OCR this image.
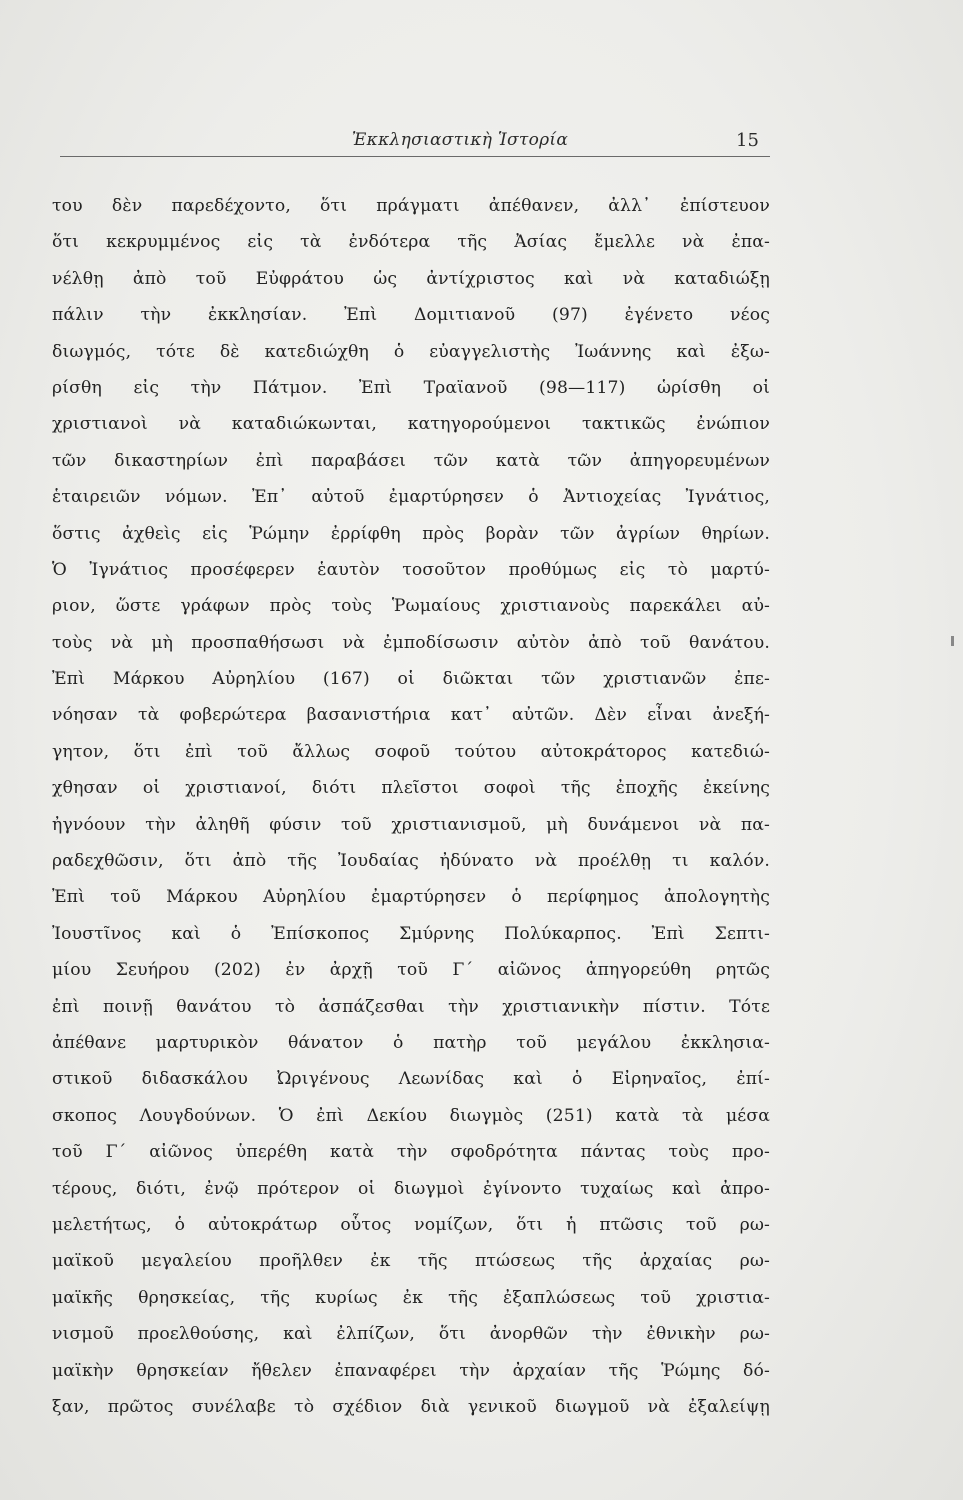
Ἐκκλησιαστικὴ Ἱστορία	15
του δὲν παρεδέχοντο, ὅτι πράγματι ἀπέθανεν, ἀλλ᾽ ἐπίστευον
ὅτι κεκρυμμένος εἰς τὰ ἐνδότερα τῆς Ἀσίας ἔμελλε νὰ ἐπα-
νέλθῃ ἀπὸ τοῦ Εὐφράτου ὡς ἀντίχριστος καὶ νὰ καταδιώξῃ
πάλιν τὴν ἐκκλησίαν. Ἐπὶ Δομιτιανοῦ (97) ἐγένετο νέος
διωγμός, τότε δὲ κατεδιώχθη ὁ εὐαγγελιστὴς Ἰωάννης καὶ ἐξω-
ρίσθη εἰς τὴν Πάτμον. Ἐπὶ Τραϊανοῦ (98—117) ὡρίσθη οἱ
χριστιανοὶ νὰ καταδιώκωνται, κατηγορούμενοι τακτικῶς ἐνώπιον
τῶν δικαστηρίων ἐπὶ παραβάσει τῶν κατὰ τῶν ἀπηγορευμένων
ἑταιρειῶν νόμων. Ἐπ᾽ αὐτοῦ ἐμαρτύρησεν ὁ Ἀντιοχείας Ἰγνάτιος,
ὅστις ἀχθεὶς εἰς Ῥώμην ἐρρίφθη πρὸς βορὰν τῶν ἀγρίων θηρίων.
Ὁ Ἰγνάτιος προσέφερεν ἑαυτὸν τοσοῦτον προθύμως εἰς τὸ μαρτύ-
ριον, ὥστε γράφων πρὸς τοὺς Ῥωμαίους χριστιανοὺς παρεκάλει αὐ-
τοὺς νὰ μὴ προσπαθήσωσι νὰ ἐμποδίσωσιν αὐτὸν ἀπὸ τοῦ θανάτου.
Ἐπὶ Μάρκου Αὐρηλίου (167) οἱ διῶκται τῶν χριστιανῶν ἐπε-
νόησαν τὰ φοβερώτερα βασανιστήρια κατ᾽ αὐτῶν. Δὲν εἶναι ἀνεξή-
γητον, ὅτι ἐπὶ τοῦ ἄλλως σοφοῦ τούτου αὐτοκράτορος κατεδιώ-
χθησαν οἱ χριστιανοί, διότι πλεῖστοι σοφοὶ τῆς ἐποχῆς ἐκείνης
ἠγνόουν τὴν ἀληθῆ φύσιν τοῦ χριστιανισμοῦ, μὴ δυνάμενοι νὰ πα-
ραδεχθῶσιν, ὅτι ἀπὸ τῆς Ἰουδαίας ἠδύνατο νὰ προέλθῃ τι καλόν.
Ἐπὶ τοῦ Μάρκου Αὐρηλίου ἐμαρτύρησεν ὁ περίφημος ἀπολογητὴς
Ἰουστῖνος καὶ ὁ Ἐπίσκοπος Σμύρνης Πολύκαρπος. Ἐπὶ Σεπτι-
μίου Σευήρου (202) ἐν ἀρχῇ τοῦ Γ´ αἰῶνος ἀπηγορεύθη ρητῶς
ἐπὶ ποινῇ θανάτου τὸ ἀσπάζεσθαι τὴν χριστιανικὴν πίστιν. Τότε
ἀπέθανε μαρτυρικὸν θάνατον ὁ πατὴρ τοῦ μεγάλου ἐκκλησια-
στικοῦ διδασκάλου Ὠριγένους Λεωνίδας καὶ ὁ Εἰρηναῖος, ἐπί-
σκοπος Λουγδούνων. Ὁ ἐπὶ Δεκίου διωγμὸς (251) κατὰ τὰ μέσα
τοῦ Γ´ αἰῶνος ὑπερέθη κατὰ τὴν σφοδρότητα πάντας τοὺς προ-
τέρους, διότι, ἐνῷ πρότερον οἱ διωγμοὶ ἐγίνοντο τυχαίως καὶ ἀπρο-
μελετήτως, ὁ αὐτοκράτωρ οὗτος νομίζων, ὅτι ἡ πτῶσις τοῦ ρω-
μαϊκοῦ μεγαλείου προῆλθεν ἐκ τῆς πτώσεως τῆς ἀρχαίας ρω-
μαϊκῆς θρησκείας, τῆς κυρίως ἐκ τῆς ἐξαπλώσεως τοῦ χριστια-
νισμοῦ προελθούσης, καὶ ἐλπίζων, ὅτι ἀνορθῶν τὴν ἐθνικὴν ρω-
μαϊκὴν θρησκείαν ἤθελεν ἐπαναφέρει τὴν ἀρχαίαν τῆς Ῥώμης δό-
ξαν, πρῶτος συνέλαβε τὸ σχέδιον διὰ γενικοῦ διωγμοῦ νὰ ἐξαλείψῃ
